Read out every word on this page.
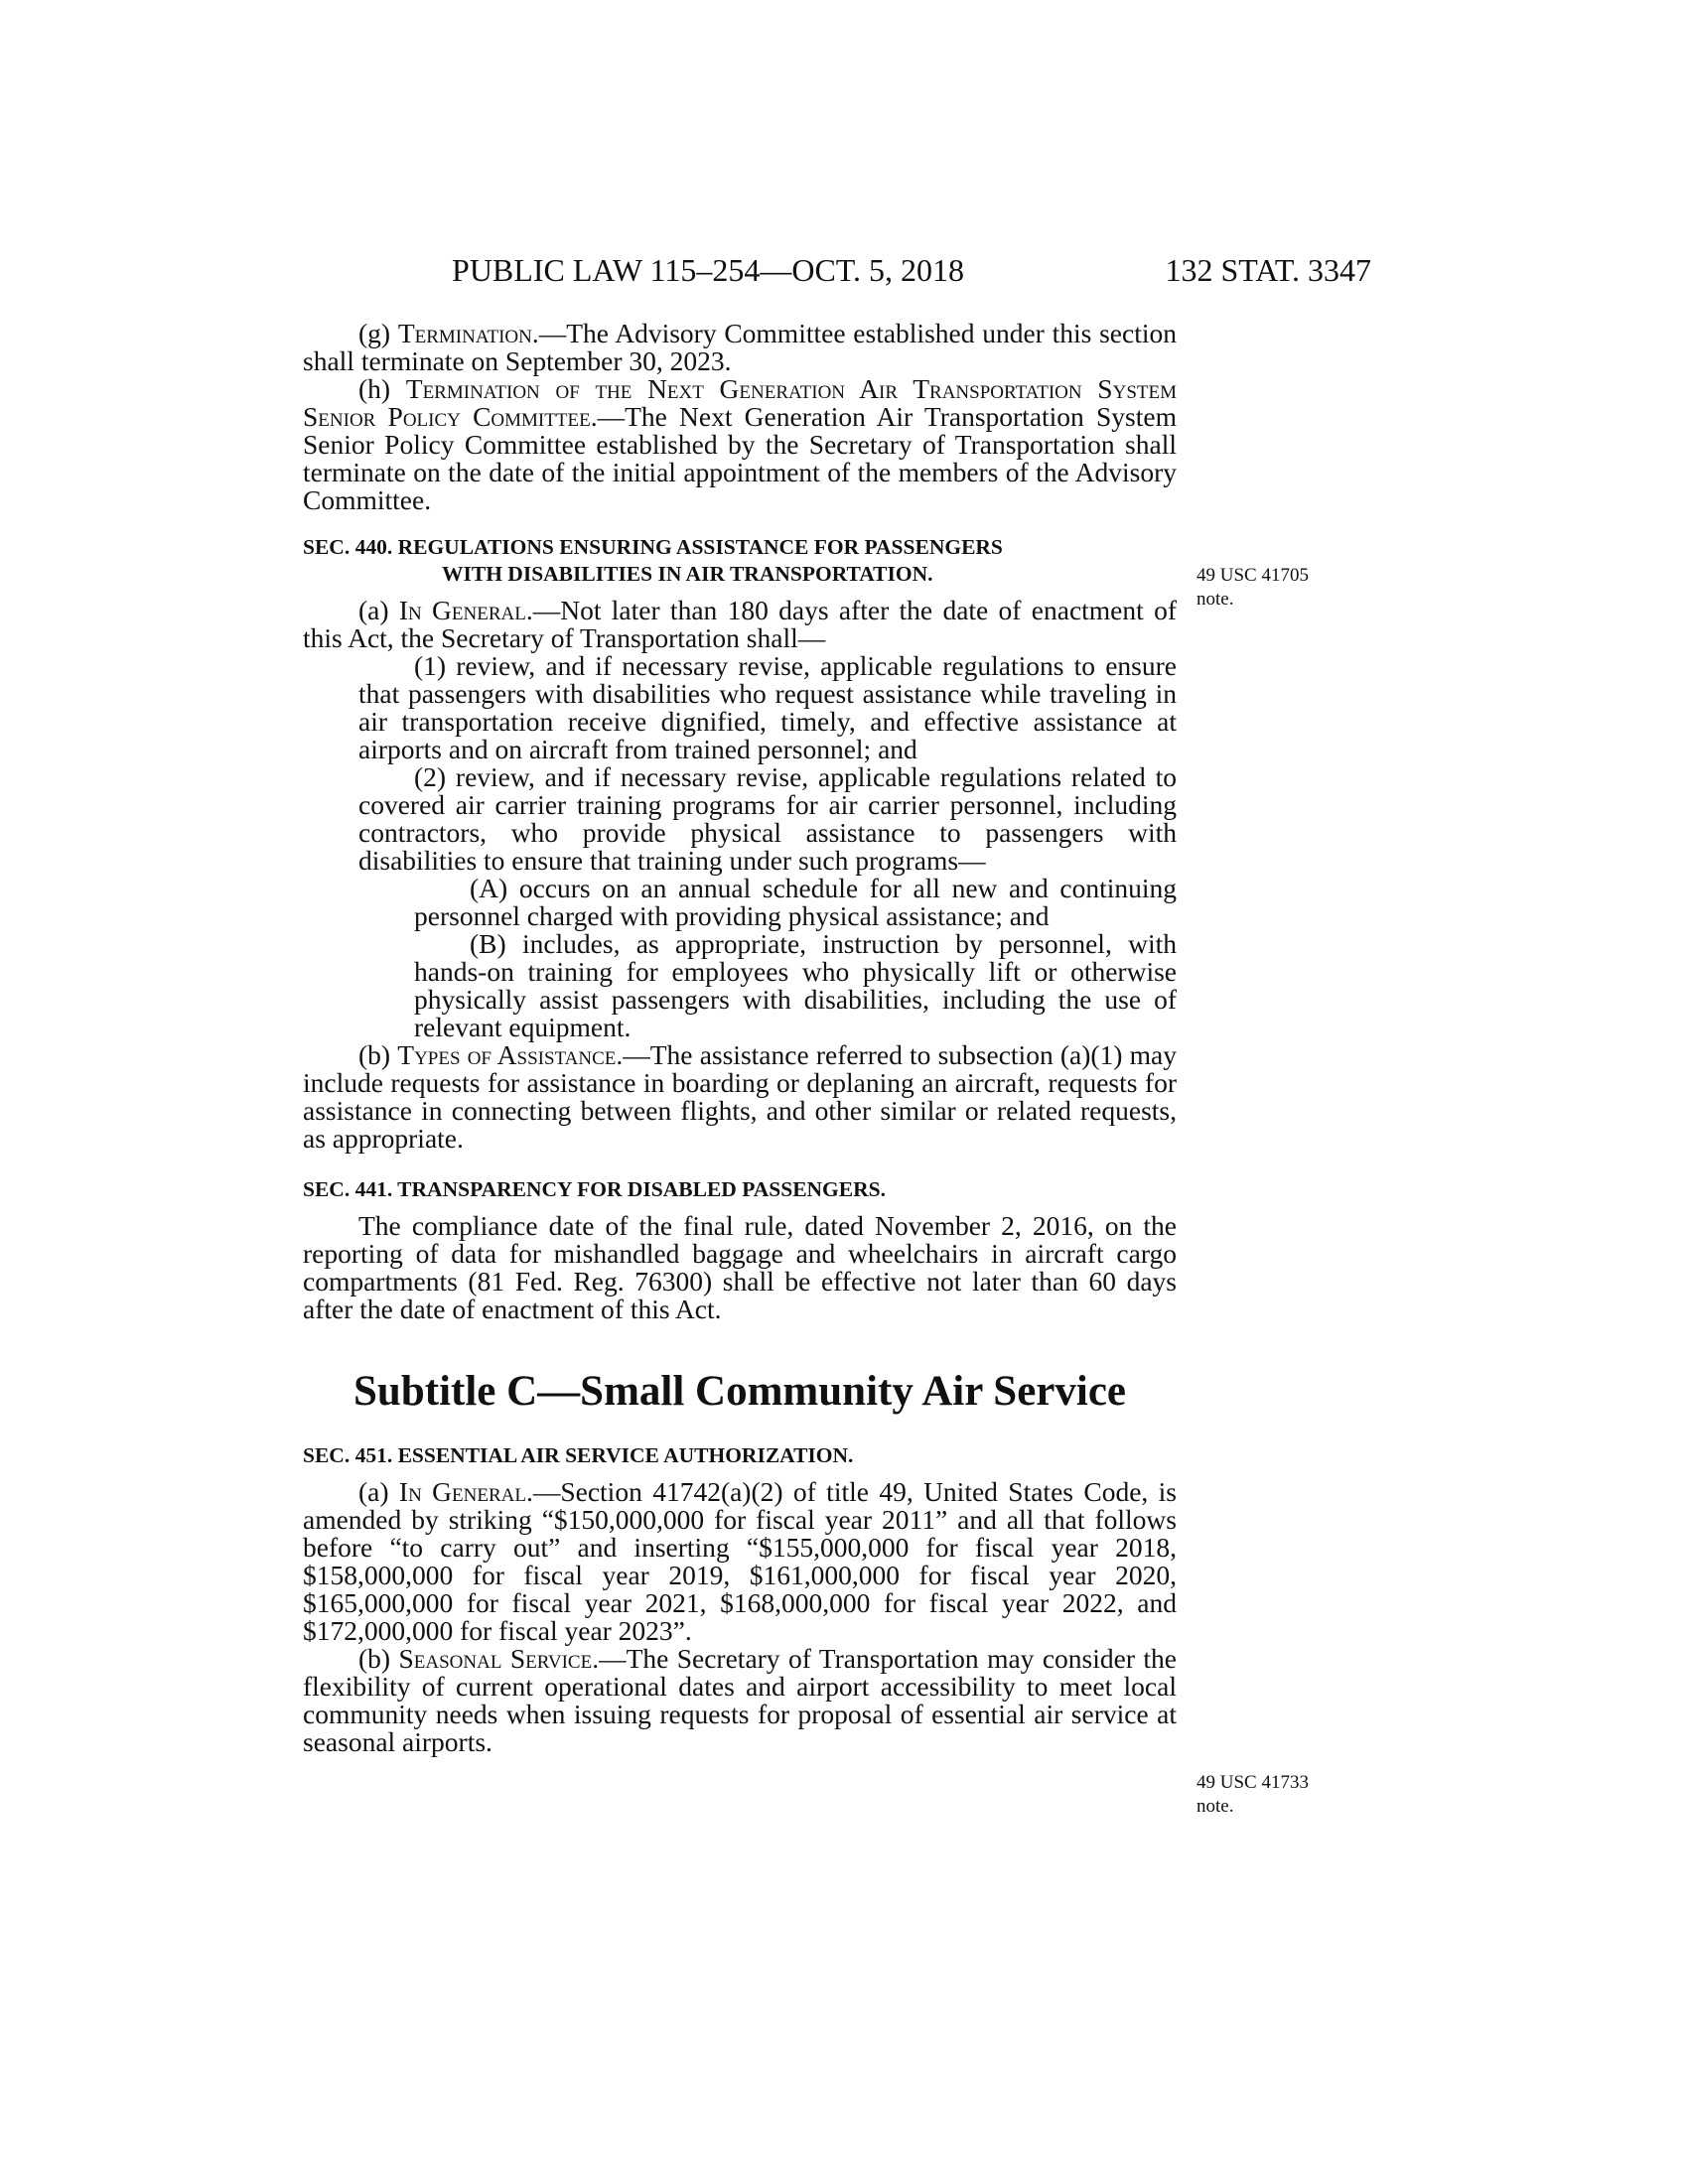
PUBLIC LAW 115–254—OCT. 5, 2018	132 STAT. 3347

(g) Termination.—The Advisory Committee established under this section shall terminate on September 30, 2023.

(h) Termination of the Next Generation Air Transportation System Senior Policy Committee.—The Next Generation Air Transportation System Senior Policy Committee established by the Secretary of Transportation shall terminate on the date of the initial appointment of the members of the Advisory Committee.

SEC. 440. REGULATIONS ENSURING ASSISTANCE FOR PASSENGERS
WITH DISABILITIES IN AIR TRANSPORTATION.

(a) In General.—Not later than 180 days after the date of enactment of this Act, the Secretary of Transportation shall—

(1) review, and if necessary revise, applicable regulations to ensure that passengers with disabilities who request assistance while traveling in air transportation receive dignified, timely, and effective assistance at airports and on aircraft from trained personnel; and

(2) review, and if necessary revise, applicable regulations related to covered air carrier training programs for air carrier personnel, including contractors, who provide physical assistance to passengers with disabilities to ensure that training under such programs—

(A) occurs on an annual schedule for all new and continuing personnel charged with providing physical assistance; and

(B) includes, as appropriate, instruction by personnel, with hands-on training for employees who physically lift or otherwise physically assist passengers with disabilities, including the use of relevant equipment.

(b) Types of Assistance.—The assistance referred to subsection (a)(1) may include requests for assistance in boarding or deplaning an aircraft, requests for assistance in connecting between flights, and other similar or related requests, as appropriate.

SEC. 441. TRANSPARENCY FOR DISABLED PASSENGERS.

The compliance date of the final rule, dated November 2, 2016, on the reporting of data for mishandled baggage and wheelchairs in aircraft cargo compartments (81 Fed. Reg. 76300) shall be effective not later than 60 days after the date of enactment of this Act.

Subtitle C—Small Community Air Service
SEC. 451. ESSENTIAL AIR SERVICE AUTHORIZATION.

(a) In General.—Section 41742(a)(2) of title 49, United States Code, is amended by striking “$150,000,000 for fiscal year 2011” and all that follows before “to carry out” and inserting “$155,000,000 for fiscal year 2018, $158,000,000 for fiscal year 2019, $161,000,000 for fiscal year 2020, $165,000,000 for fiscal year 2021, $168,000,000 for fiscal year 2022, and $172,000,000 for fiscal year 2023”.

(b) Seasonal Service.—The Secretary of Transportation may consider the flexibility of current operational dates and airport accessibility to meet local community needs when issuing requests for proposal of essential air service at seasonal airports.

49 USC 41705
note.
49 USC 41733
note.
